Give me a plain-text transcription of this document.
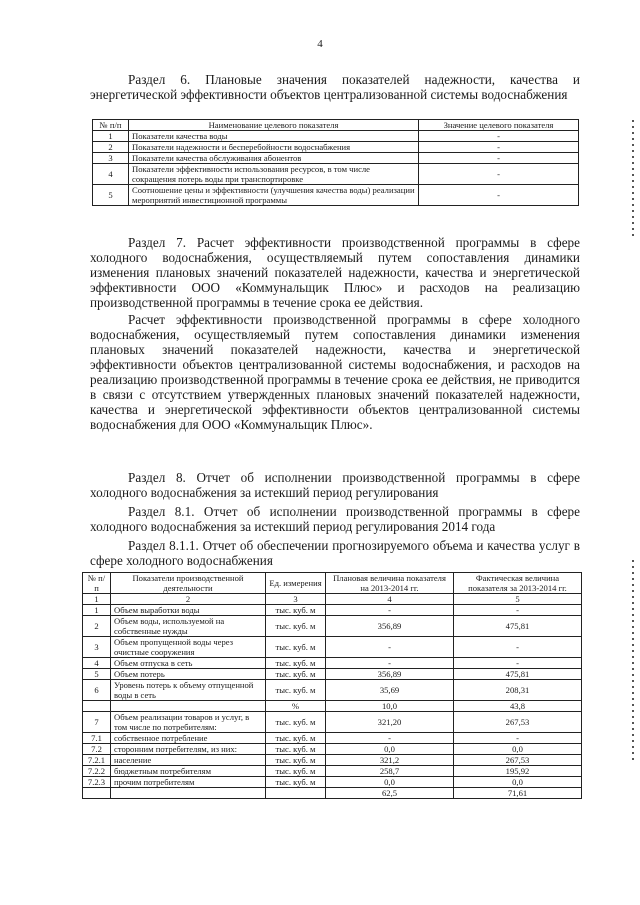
4

Раздел 6. Плановые значения показателей надежности, качества и энергетической эффективности объектов централизованной системы водоснабжения

№ п/п	Наименование целевого показателя	Значение целевого показателя
1	Показатели качества воды	-
2	Показатели надежности и бесперебойности водоснабжения	-
3	Показатели качества обслуживания абонентов	-
4	Показатели эффективности использования ресурсов, в том числе сокращения потерь воды при транспортировке	-
5	Соотношение цены и эффективности (улучшения качества воды) реализации мероприятий инвестиционной программы	-

Раздел 7. Расчет эффективности производственной программы в сфере холодного водоснабжения, осуществляемый путем сопоставления динамики изменения плановых значений показателей надежности, качества и энергетической эффективности ООО «Коммунальщик Плюс» и расходов на реализацию производственной программы в течение срока ее действия.

Расчет эффективности производственной программы в сфере холодного водоснабжения, осуществляемый путем сопоставления динамики изменения плановых значений показателей надежности, качества и энергетической эффективности объектов централизованной системы водоснабжения, и расходов на реализацию производственной программы в течение срока ее действия, не приводится в связи с отсутствием утвержденных плановых значений показателей надежности, качества и энергетической эффективности объектов централизованной системы водоснабжения для ООО «Коммунальщик Плюс».

Раздел 8. Отчет об исполнении производственной программы в сфере холодного водоснабжения за истекший период регулирования

Раздел 8.1. Отчет об исполнении производственной программы в сфере холодного водоснабжения за истекший период регулирования 2014 года

Раздел 8.1.1. Отчет об обеспечении прогнозируемого объема и качества услуг в сфере холодного водоснабжения

№ п/п	Показатели производственной деятельности	Ед. измерения	Плановая величина показателя на 2013-2014 гг.	Фактическая величина показателя за 2013-2014 гг.
1	2	3	4	5
1	Объем выработки воды	тыс. куб. м	-	-
2	Объем воды, используемой на собственные нужды	тыс. куб. м	356,89	475,81
3	Объем пропущенной воды через очистные сооружения	тыс. куб. м	-	-
4	Объем отпуска в сеть	тыс. куб. м	-	-
5	Объем потерь	тыс. куб. м	356,89	475,81
6	Уровень потерь к объему отпущенной воды в сеть	тыс. куб. м	35,69	208,31
		%	10,0	43,8
7	Объем реализации товаров и услуг, в том числе по потребителям:	тыс. куб. м	321,20	267,53
7.1	собственное потребление	тыс. куб. м	-	-
7.2	сторонним потребителям, из них:	тыс. куб. м	0,0	0,0
7.2.1	население	тыс. куб. м	321,2	267,53
7.2.2	бюджетным потребителям	тыс. куб. м	258,7	195,92
7.2.3	прочим потребителям	тыс. куб. м	0,0	0,0
			62,5	71,61
